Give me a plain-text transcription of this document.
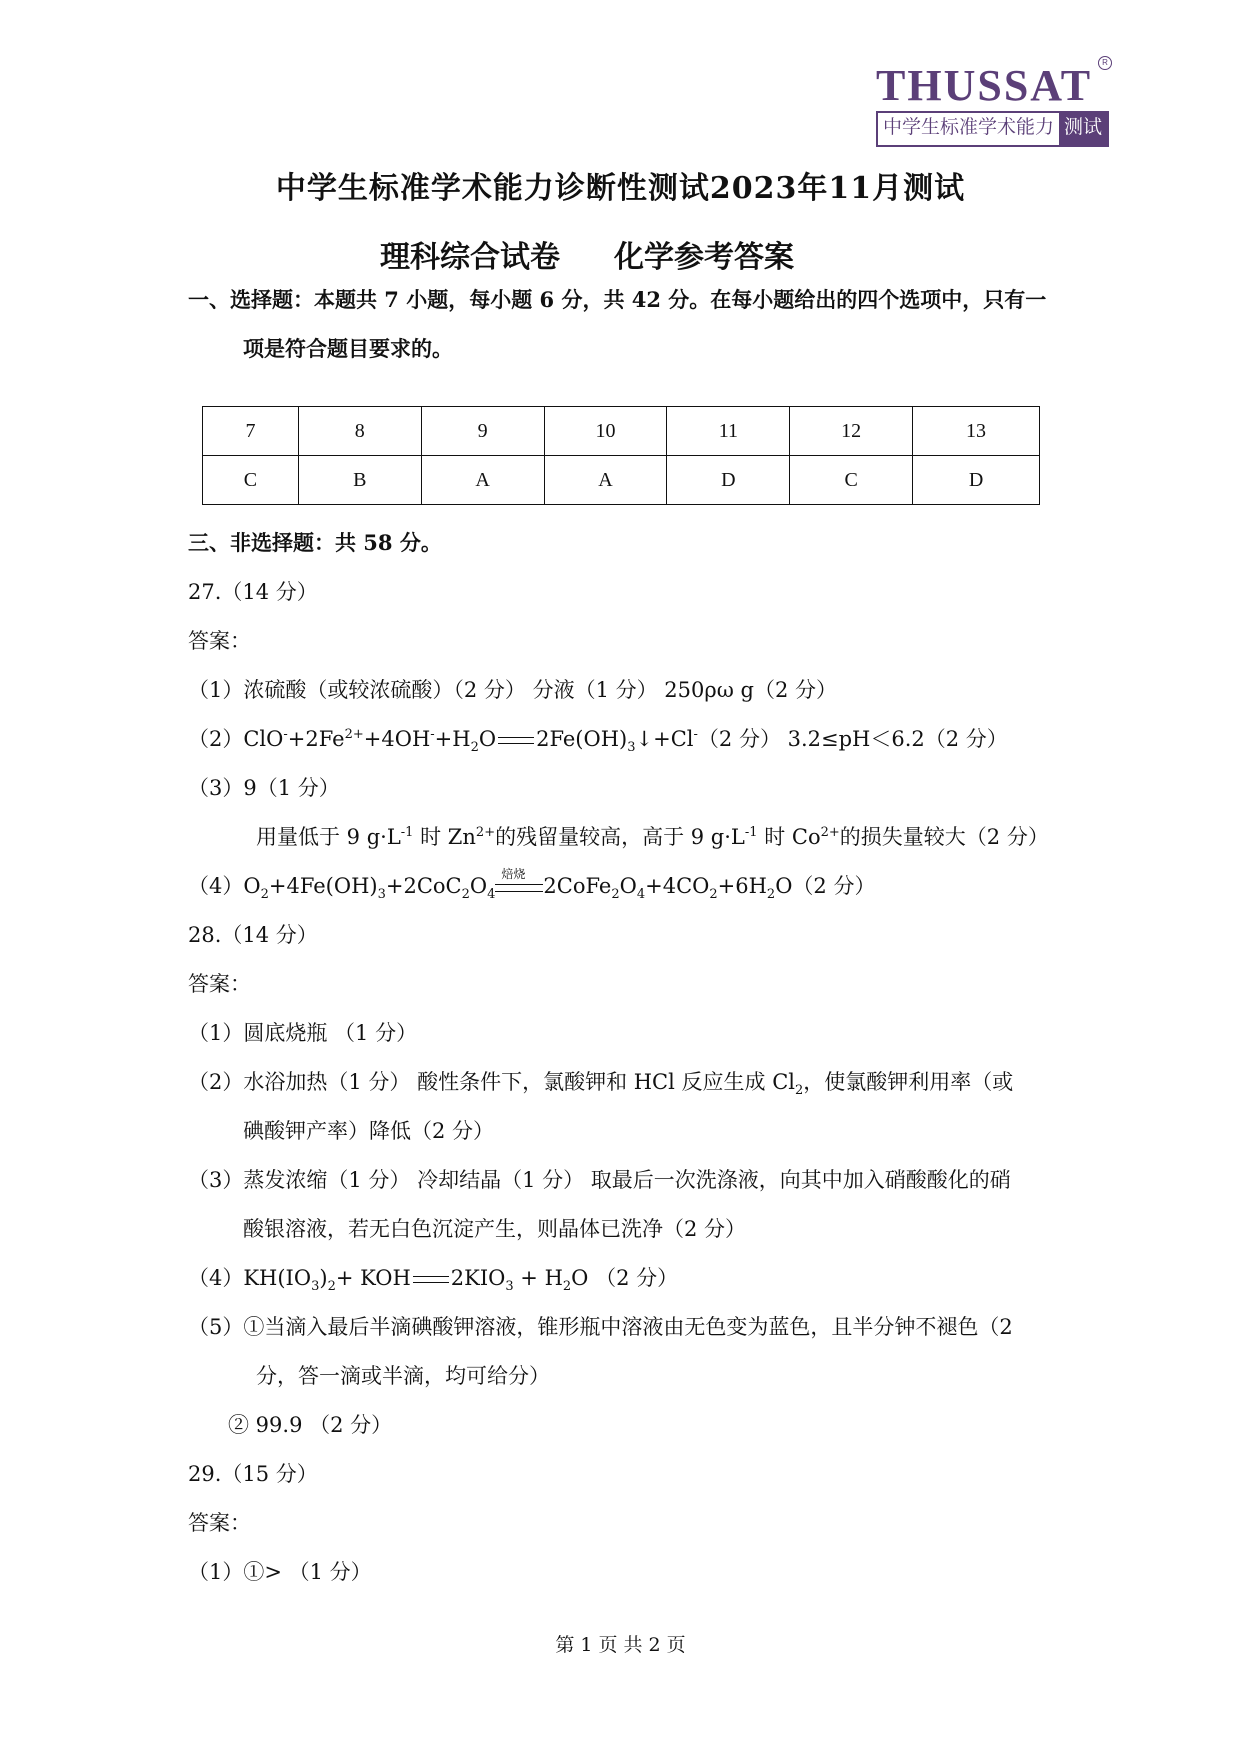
THUSSAT	R
中学生标准学术能力 测试
中学生标准学术能力诊断性测试2023年11月测试
理科综合试卷 化学参考答案
一、选择题：本题共 7 小题，每小题 6 分，共 42 分。在每小题给出的四个选项中，只有一
项是符合题目要求的。
7	8	9	10	11	12	13
C	B	A	A	D	C	D
三、非选择题：共 58 分。
27.（14 分）
答案：
（1）浓硫酸（或较浓硫酸）（2 分） 分液（1 分） 250ρω g（2 分）
$(2)ClO^-+2Fe^{2+}+4OH^-+H_2O$ $2Fe(OH)_3↓+Cl^-(2$ 分） 3.2≤pH＜6.2（2 分）
（3）9（1 分）
用量低于 9 $g\cdot L^{-1}$ 时 $Zn^{2+}$的残留量较高，高于 9 $g\cdot L^{-1}$ 时 $Co^{2+}$的损失量较大（2 分）
$(4)O_2+4Fe(OH)_3+2CoC_2O_4$
焙烧 $2CoFe_2O_4+4CO_2+6H_2O(2$ 分）
28.（14 分）
答案：
（1）圆底烧瓶 （1 分）
（2）水浴加热（1 分） 酸性条件下，氯酸钾和 HCl 反应生成 $Cl_2$，使氯酸钾利用率（或
碘酸钾产率）降低（2 分）
（3）蒸发浓缩（1 分） 冷却结晶（1 分） 取最后一次洗涤液，向其中加入硝酸酸化的硝
酸银溶液，若无白色沉淀产生，则晶体已洗净（2 分）
$(4)KH(IO_3)_2+$ KOH $2KIO_3 + H_2O$ （2 分）
（5）①当滴入最后半滴碘酸钾溶液，锥形瓶中溶液由无色变为蓝色，且半分钟不褪色（2
分，答一滴或半滴，均可给分）
② 99.9 （2 分）
29.（15 分）
答案：
（1）①> （1 分）
第 1 页 共 2 页
